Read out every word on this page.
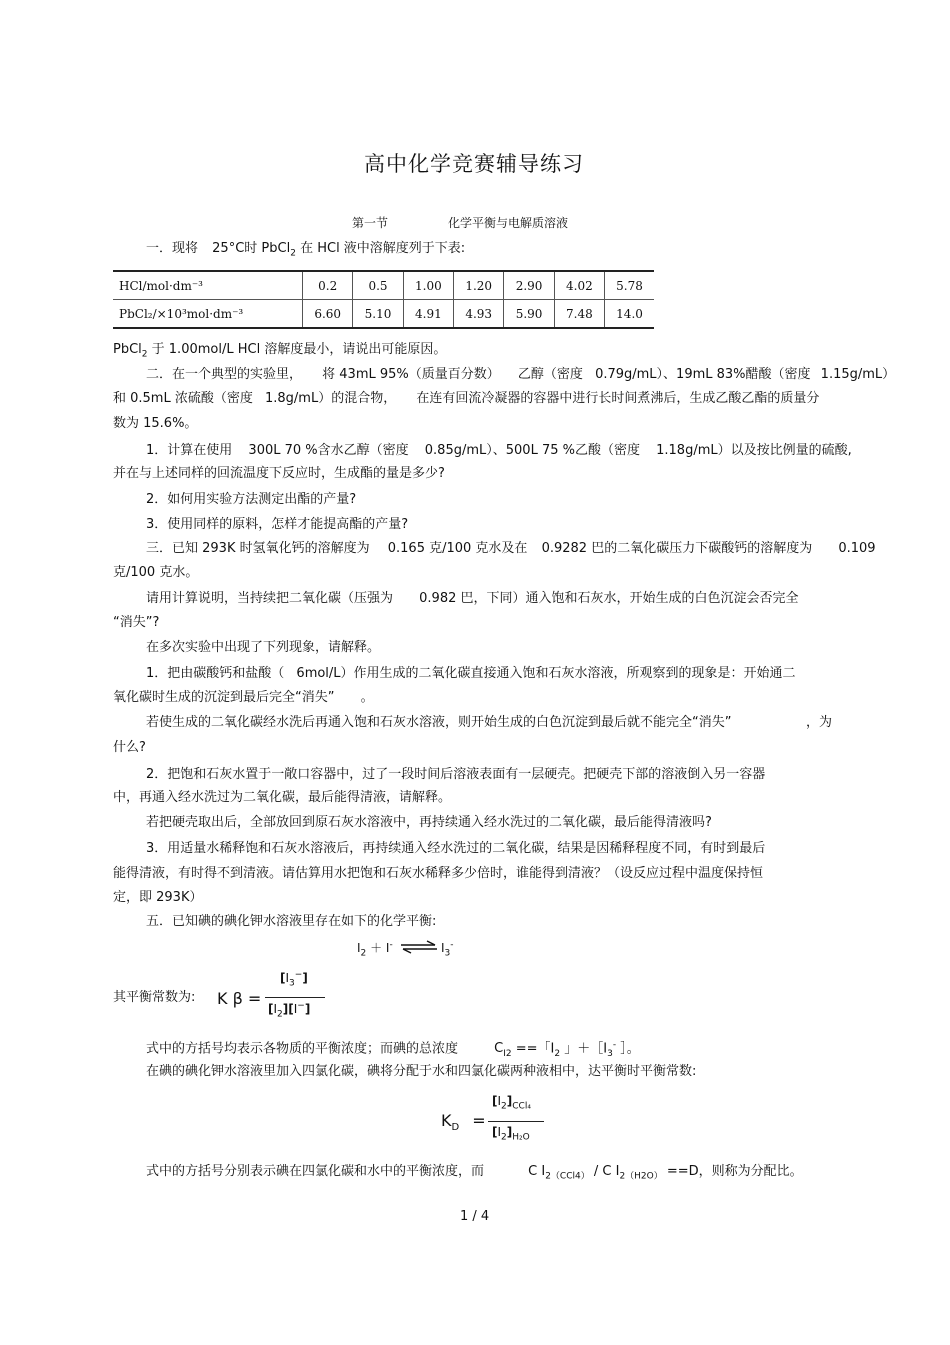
高中化学竞赛辅导练习
第一节	化学平衡与电解质溶液
一．现将 25°C时 PbCl$_2$ 在 HCl 液中溶解度列于下表:
HCl/mol·dm⁻³	0.2	0.5	1.00	1.20	2.90	4.02	5.78
PbCl₂/×10³mol·dm⁻³	6.60	5.10	4.91	4.93	5.90	7.48	14.0
PbCl$_2$ 于 1.00mol/L HCl 溶解度最小，请说出可能原因。
二．在一个典型的实验里， 将 43mL 95%（质量百分数） 乙醇（密度 0.79g/mL）、19mL 83%醋酸（密度 1.15g/mL）
和 0.5mL 浓硫酸（密度 1.8g/mL）的混合物， 在连有回流冷凝器的容器中进行长时间煮沸后，生成乙酸乙酯的质量分
数为 15.6%。
1．计算在使用 300L 70 %含水乙醇（密度 0.85g/mL）、500L 75 %乙酸（密度 1.18g/mL）以及按比例量的硫酸,
并在与上述同样的回流温度下反应时，生成酯的量是多少?
2．如何用实验方法测定出酯的产量?
3．使用同样的原料，怎样才能提高酯的产量?
三．已知 293K 时氢氧化钙的溶解度为 0.165 克/100 克水及在 0.9282 巴的二氧化碳压力下碳酸钙的溶解度为 0.109
克/100 克水。
请用计算说明，当持续把二氧化碳（压强为 0.982 巴，下同）通入饱和石灰水，开始生成的白色沉淀会否完全
“消失”?
在多次实验中出现了下列现象，请解释。
1．把由碳酸钙和盐酸（ 6mol/L）作用生成的二氧化碳直接通入饱和石灰水溶液，所观察到的现象是：开始通二
氧化碳时生成的沉淀到最后完全“消失” 。
若使生成的二氧化碳经水洗后再通入饱和石灰水溶液，则开始生成的白色沉淀到最后就不能完全“消失”	，为
什么?
2．把饱和石灰水置于一敞口容器中，过了一段时间后溶液表面有一层硬壳。把硬壳下部的溶液倒入另一容器
中，再通入经水洗过为二氧化碳，最后能得清液，请解释。
若把硬壳取出后，全部放回到原石灰水溶液中，再持续通入经水洗过的二氧化碳，最后能得清液吗?
3．用适量水稀释饱和石灰水溶液后，再持续通入经水洗过的二氧化碳，结果是因稀释程度不同，有时到最后
能得清液，有时得不到清液。请估算用水把饱和石灰水稀释多少倍时，谁能得到清液？（设反应过程中温度保持恒
定，即 293K）
五．已知碘的碘化钾水溶液里存在如下的化学平衡:
$I_2 + I^-$ ⇌ $I_3^-$
其平衡常数为: K β =
$[I_3^-]$
$[I_2][I^-]$
式中的方括号均表示各物质的平衡浓度；而碘的总浓度	$C_{I2}$ ==「$I_2$ 」$+[I_3^-$ ］。
在碘的碘化钾水溶液里加入四氯化碳，碘将分配于水和四氯化碳两种液相中，达平衡时平衡常数:
$K_D$ =
$[I_2]_{CCl_4}$
$[I_2]_{H_2O}$
式中的方括号分别表示碘在四氯化碳和水中的平衡浓度，而	C $I_{2(CCl4)}$ / C $I_{2(H2O)} ==D$，则称为分配比。
1 / 4
